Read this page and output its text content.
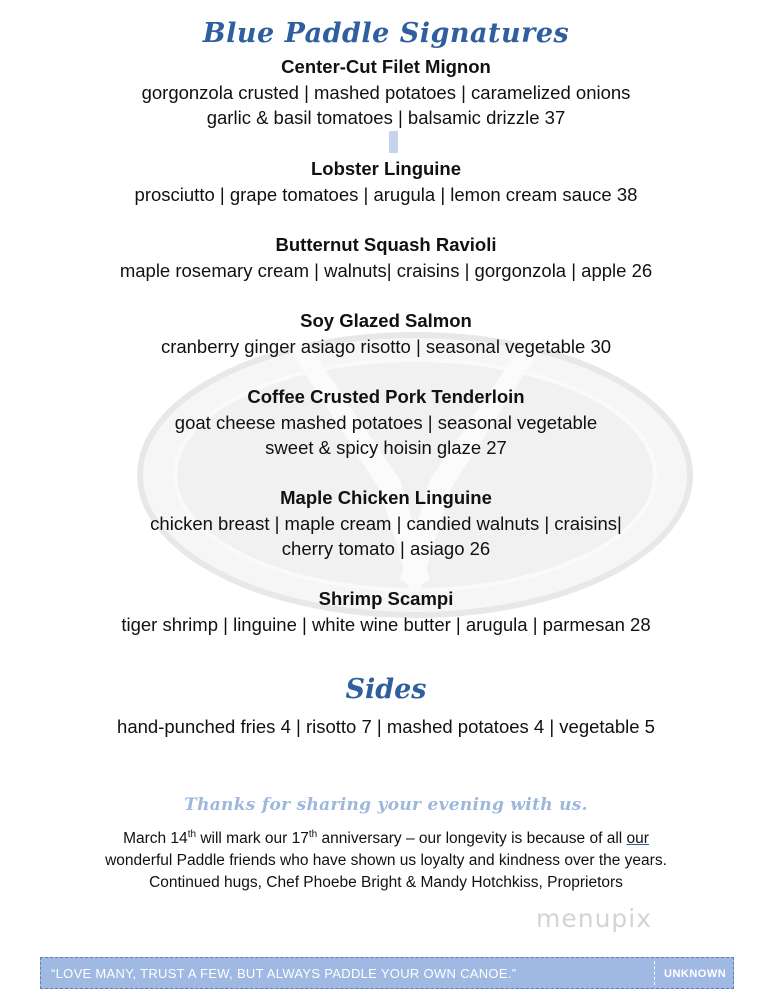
Blue Paddle Signatures
Center-Cut Filet Mignon
gorgonzola crusted | mashed potatoes | caramelized onions
garlic & basil tomatoes | balsamic drizzle 37
Lobster Linguine
prosciutto | grape tomatoes | arugula | lemon cream sauce 38
Butternut Squash Ravioli
maple rosemary cream | walnuts| craisins | gorgonzola | apple 26
Soy Glazed Salmon
cranberry ginger asiago risotto | seasonal vegetable 30
Coffee Crusted Pork Tenderloin
goat cheese mashed potatoes | seasonal vegetable
sweet & spicy hoisin glaze 27
Maple Chicken Linguine
chicken breast | maple cream | candied walnuts | craisins|
cherry tomato | asiago 26
Shrimp Scampi
tiger shrimp | linguine | white wine butter | arugula | parmesan 28
Sides
hand-punched fries 4 | risotto 7 | mashed potatoes 4 | vegetable 5
Thanks for sharing your evening with us.
March 14th will mark our 17th anniversary – our longevity is because of all our
wonderful Paddle friends who have shown us loyalty and kindness over the years.
Continued hugs, Chef Phoebe Bright & Mandy Hotchkiss, Proprietors
menupix
“LOVE MANY, TRUST A FEW, BUT ALWAYS PADDLE YOUR OWN CANOE.”	UNKNOWN
